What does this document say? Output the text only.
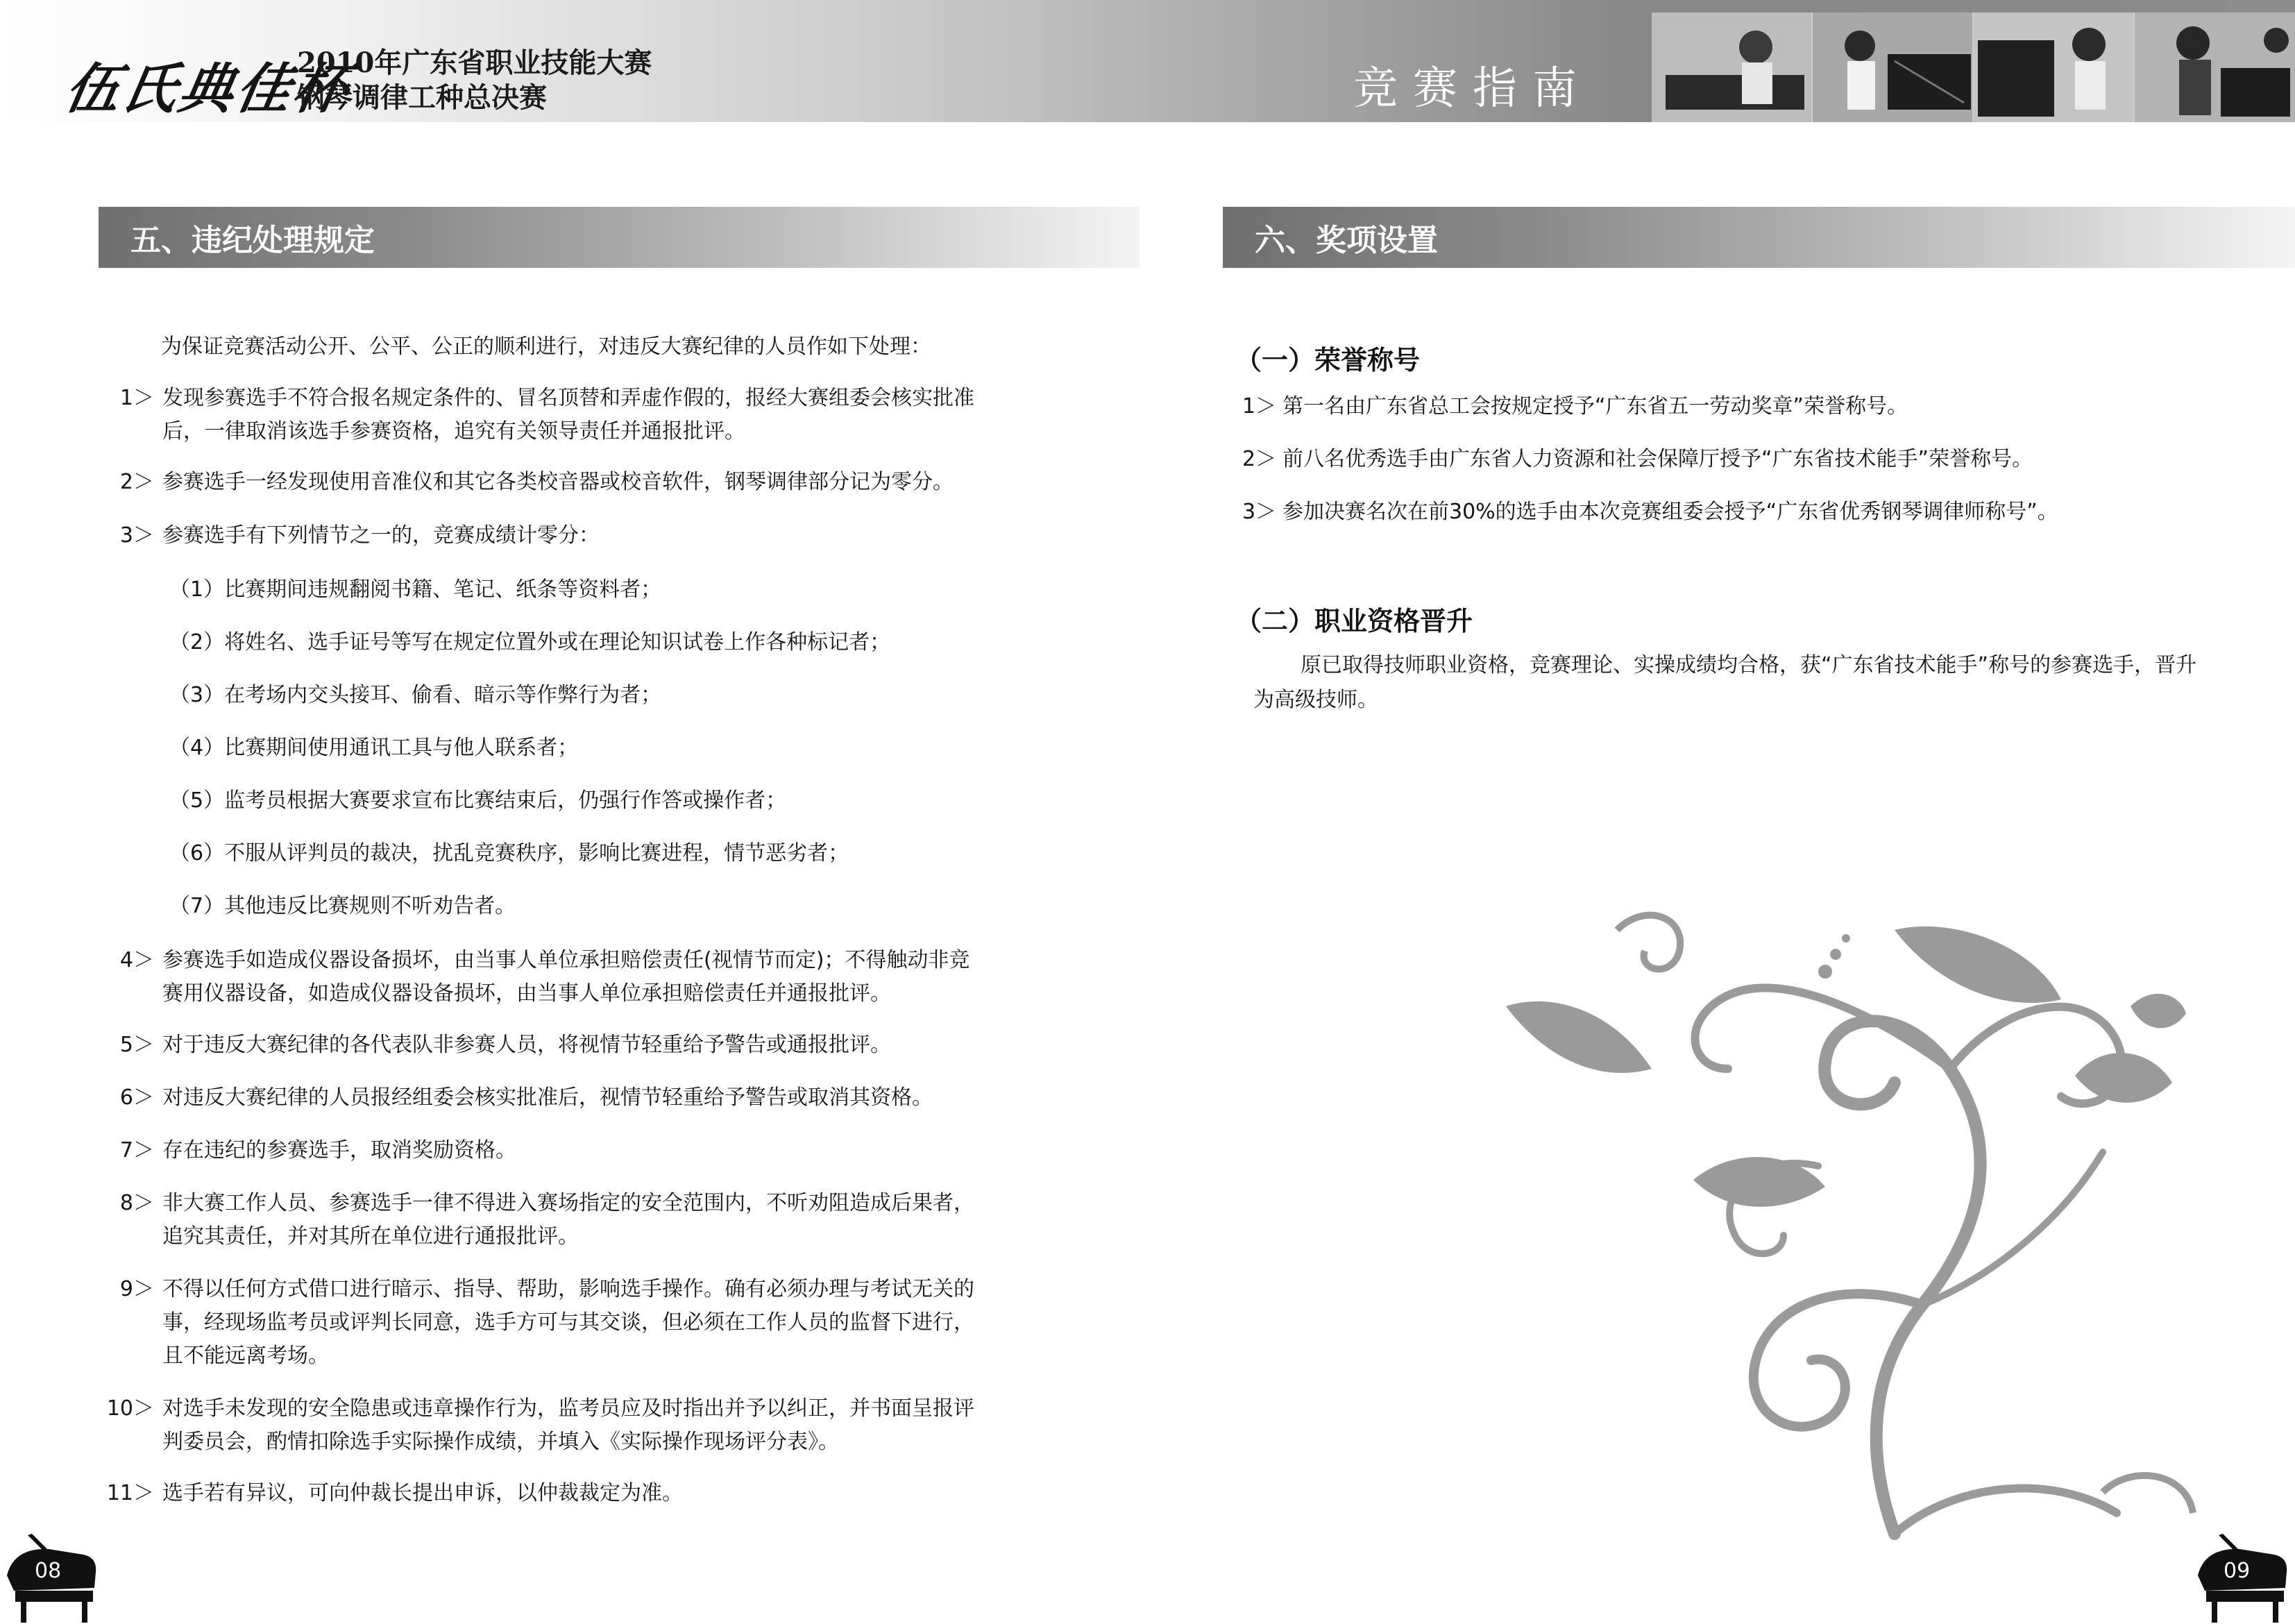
伍氏典佳杯
2010年广东省职业技能大赛
钢琴调律工种总决赛	竞赛指南
五、违纪处理规定
为保证竞赛活动公开、公平、公正的顺利进行，对违反大赛纪律的人员作如下处理：
1＞ 发现参赛选手不符合报名规定条件的、冒名顶替和弄虚作假的，报经大赛组委会核实批准
后，一律取消该选手参赛资格，追究有关领导责任并通报批评。
2＞ 参赛选手一经发现使用音准仪和其它各类校音器或校音软件，钢琴调律部分记为零分。
3＞ 参赛选手有下列情节之一的，竞赛成绩计零分：
（1）比赛期间违规翻阅书籍、笔记、纸条等资料者；
（2）将姓名、选手证号等写在规定位置外或在理论知识试卷上作各种标记者；
（3）在考场内交头接耳、偷看、暗示等作弊行为者；
（4）比赛期间使用通讯工具与他人联系者；
（5）监考员根据大赛要求宣布比赛结束后，仍强行作答或操作者；
（6）不服从评判员的裁决，扰乱竞赛秩序，影响比赛进程，情节恶劣者；
（7）其他违反比赛规则不听劝告者。
4＞ 参赛选手如造成仪器设备损坏，由当事人单位承担赔偿责任(视情节而定)；不得触动非竞
赛用仪器设备，如造成仪器设备损坏，由当事人单位承担赔偿责任并通报批评。
5＞ 对于违反大赛纪律的各代表队非参赛人员，将视情节轻重给予警告或通报批评。
6＞ 对违反大赛纪律的人员报经组委会核实批准后，视情节轻重给予警告或取消其资格。
7＞ 存在违纪的参赛选手，取消奖励资格。
8＞ 非大赛工作人员、参赛选手一律不得进入赛场指定的安全范围内，不听劝阻造成后果者，
追究其责任，并对其所在单位进行通报批评。
9＞ 不得以任何方式借口进行暗示、指导、帮助，影响选手操作。确有必须办理与考试无关的
事，经现场监考员或评判长同意，选手方可与其交谈，但必须在工作人员的监督下进行，
且不能远离考场。
10＞ 对选手未发现的安全隐患或违章操作行为，监考员应及时指出并予以纠正，并书面呈报评
判委员会，酌情扣除选手实际操作成绩，并填入《实际操作现场评分表》。
11＞ 选手若有异议，可向仲裁长提出申诉，以仲裁裁定为准。
08
六、奖项设置
（一）荣誉称号
1＞ 第一名由广东省总工会按规定授予“广东省五一劳动奖章”荣誉称号。
2＞ 前八名优秀选手由广东省人力资源和社会保障厅授予“广东省技术能手”荣誉称号。
3＞ 参加决赛名次在前30%的选手由本次竞赛组委会授予“广东省优秀钢琴调律师称号”。
（二）职业资格晋升
原已取得技师职业资格，竞赛理论、实操成绩均合格，获“广东省技术能手”称号的参赛选手，晋升为高级技师。
09
